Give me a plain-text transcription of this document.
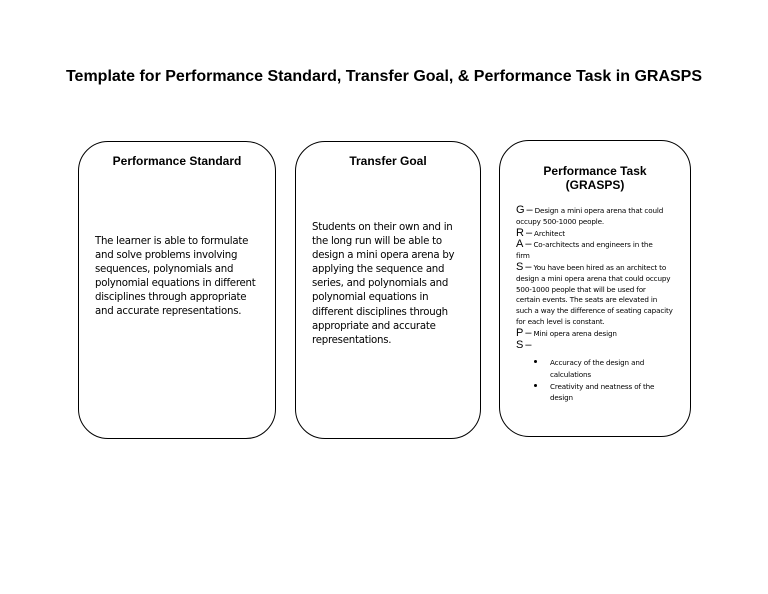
Template for Performance Standard, Transfer Goal, & Performance Task in GRASPS
Performance Standard
The learner is able to formulate
and solve problems involving
sequences, polynomials and
polynomial equations in different
disciplines through appropriate
and accurate representations.
Transfer Goal
Students on their own and in
the long run will be able to
design a mini opera arena by
applying the sequence and
series, and polynomials and
polynomial equations in
different disciplines through
appropriate and accurate
representations.
Performance Task
(GRASPS)
G – Design a mini opera arena that could
occupy 500-1000 people.
R – Architect
A – Co-architects and engineers in the
firm
S – You have been hired as an architect to
design a mini opera arena that could occupy
500-1000 people that will be used for
certain events. The seats are elevated in
such a way the difference of seating capacity
for each level is constant.
P – Mini opera arena design
S –
Accuracy of the design and
calculations
Creativity and neatness of the
design
